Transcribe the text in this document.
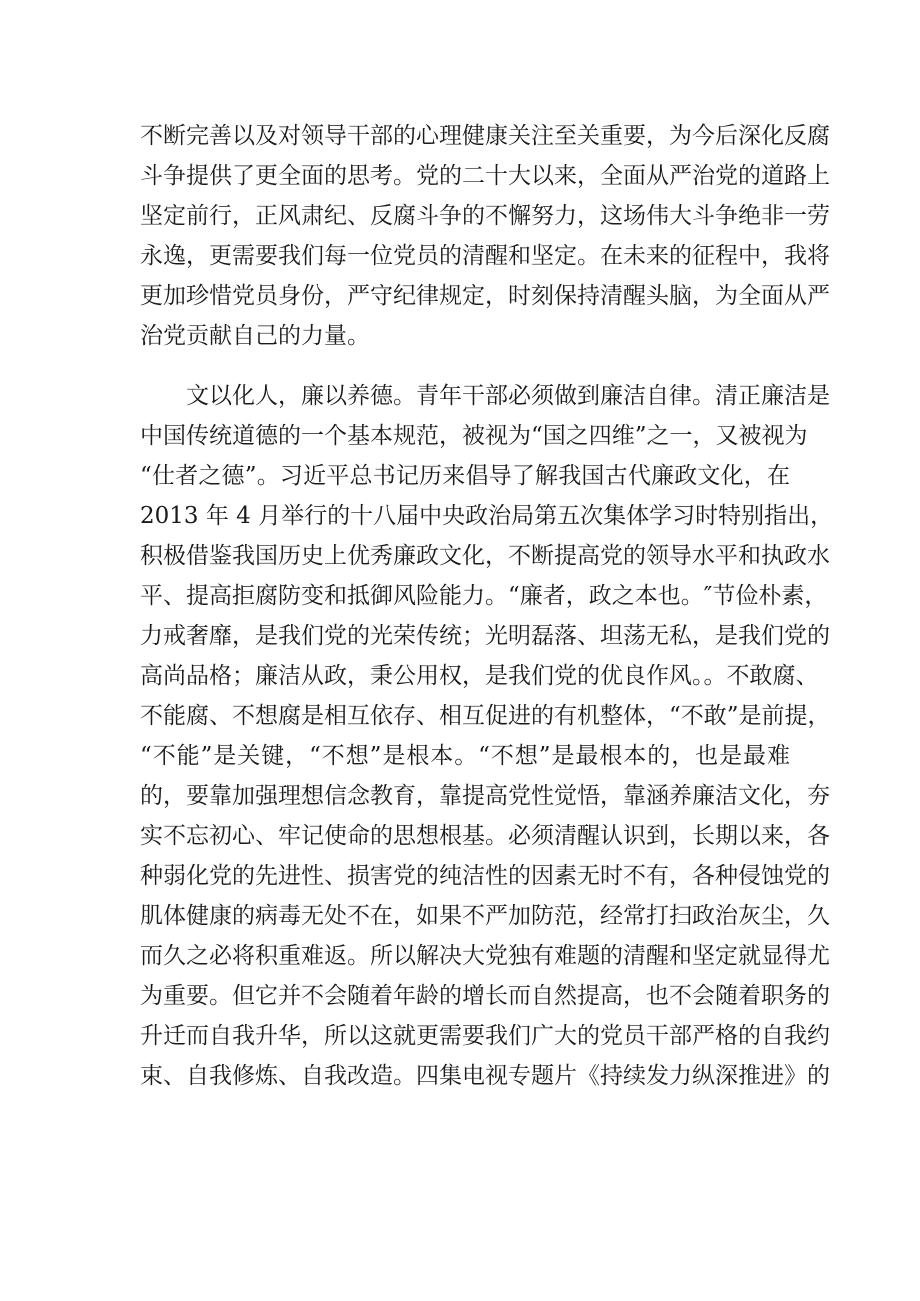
不断完善以及对领导干部的心理健康关注至关重要，为今后深化反腐
斗争提供了更全面的思考。党的二十大以来，全面从严治党的道路上
坚定前行，正风肃纪、反腐斗争的不懈努力，这场伟大斗争绝非一劳
永逸，更需要我们每一位党员的清醒和坚定。在未来的征程中，我将
更加珍惜党员身份，严守纪律规定，时刻保持清醒头脑，为全面从严
治党贡献自己的力量。
　　文以化人，廉以养德。青年干部必须做到廉洁自律。清正廉洁是
中国传统道德的一个基本规范，被视为“国之四维”之一，又被视为
“仕者之德”。习近平总书记历来倡导了解我国古代廉政文化，在
2013 年 4 月举行的十八届中央政治局第五次集体学习时特别指出，
积极借鉴我国历史上优秀廉政文化，不断提高党的领导水平和执政水
平、提高拒腐防变和抵御风险能力。“廉者，政之本也。″节俭朴素，
力戒奢靡，是我们党的光荣传统；光明磊落、坦荡无私，是我们党的
高尚品格；廉洁从政，秉公用权，是我们党的优良作风。。不敢腐、
不能腐、不想腐是相互依存、相互促进的有机整体，“不敢”是前提，
“不能”是关键，“不想”是根本。“不想”是最根本的，也是最难
的，要靠加强理想信念教育，靠提高党性觉悟，靠涵养廉洁文化，夯
实不忘初心、牢记使命的思想根基。必须清醒认识到，长期以来，各
种弱化党的先进性、损害党的纯洁性的因素无时不有，各种侵蚀党的
肌体健康的病毒无处不在，如果不严加防范，经常打扫政治灰尘，久
而久之必将积重难返。所以解决大党独有难题的清醒和坚定就显得尤
为重要。但它并不会随着年龄的增长而自然提高，也不会随着职务的
升迁而自我升华，所以这就更需要我们广大的党员干部严格的自我约
束、自我修炼、自我改造。四集电视专题片《持续发力纵深推进》的
